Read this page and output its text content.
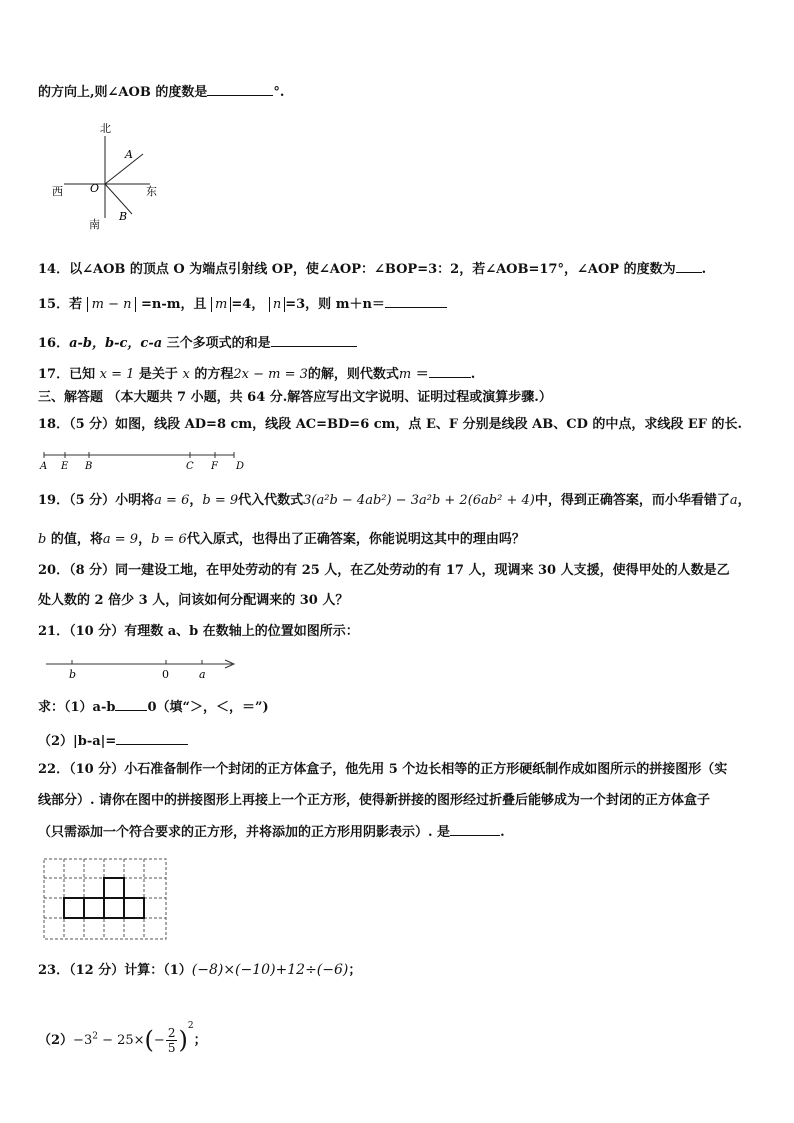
的方向上,则∠AOB 的度数是	°.
北
南
西	东
O
A
B
14．以∠AOB 的顶点 O 为端点引射线 OP，使∠AOP：∠BOP=3：2，若∠AOB=17°，∠AOP 的度数为 .
15．若 m − n =n-m，且 m =4， n =3，则 m＋n＝
16．a-b，b-c，c-a 三个多项式的和是
17．已知 x = 1 是关于 x 的方程2x − m = 3的解，则代数式m ＝	.
三、解答题 （本大题共 7 小题，共 64 分.解答应写出文字说明、证明过程或演算步骤.）
18．（5 分）如图，线段 AD=8 cm，线段 AC=BD=6 cm，点 E、F 分别是线段 AB、CD 的中点，求线段 EF 的长.
A E B	C F D
19．（5 分）小明将a = 6，b = 9代入代数式3(a²b − 4ab²) − 3a²b + 2(6ab² + 4)中，得到正确答案，而小华看错了a，
b 的值，将a = 9，b = 6代入原式，也得出了正确答案，你能说明这其中的理由吗？
20．（8 分）同一建设工地，在甲处劳动的有 25 人，在乙处劳动的有 17 人，现调来 30 人支援，使得甲处的人数是乙
处人数的 2 倍少 3 人，问该如何分配调来的 30 人？
21．（10 分）有理数 a、b 在数轴上的位置如图所示：
b	0	a
求：（1）a-b 0（填“＞，＜，＝”)
（2）|b-a|=
22．（10 分）小石准备制作一个封闭的正方体盒子，他先用 5 个边长相等的正方形硬纸制作成如图所示的拼接图形（实
线部分）. 请你在图中的拼接图形上再接上一个正方形，使得新拼接的图形经过折叠后能够成为一个封闭的正方体盒子
（只需添加一个符合要求的正方形，并将添加的正方形用阴影表示）. 是	.
23．（12 分）计算：（1）(−8)×(−10)+12÷(−6)；
$(2)-3^2 - 25\times(- \frac{2}{5} )^2$；
